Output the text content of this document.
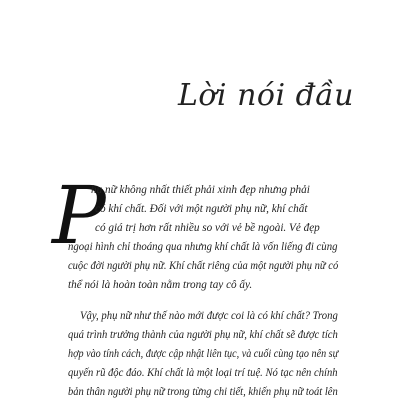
Lời nói đầu
P
hụ nữ không nhất thiết phải xinh đẹp nhưng phải
có khí chất. Đối với một người phụ nữ, khí chất
có giá trị hơn rất nhiều so với vẻ bề ngoài. Vẻ đẹp
ngoại hình chỉ thoáng qua nhưng khí chất là vốn liếng đi cùng
cuộc đời người phụ nữ. Khí chất riêng của một người phụ nữ có
thể nói là hoàn toàn nằm trong tay cô ấy.
Vậy, phụ nữ như thế nào mới được coi là có khí chất? Trong
quá trình trưởng thành của người phụ nữ, khí chất sẽ được tích
hợp vào tính cách, được cập nhật liên tục, và cuối cùng tạo nên sự
quyến rũ độc đáo. Khí chất là một loại trí tuệ. Nó tạc nên chính
bản thân người phụ nữ trong từng chi tiết, khiến phụ nữ toát lên
